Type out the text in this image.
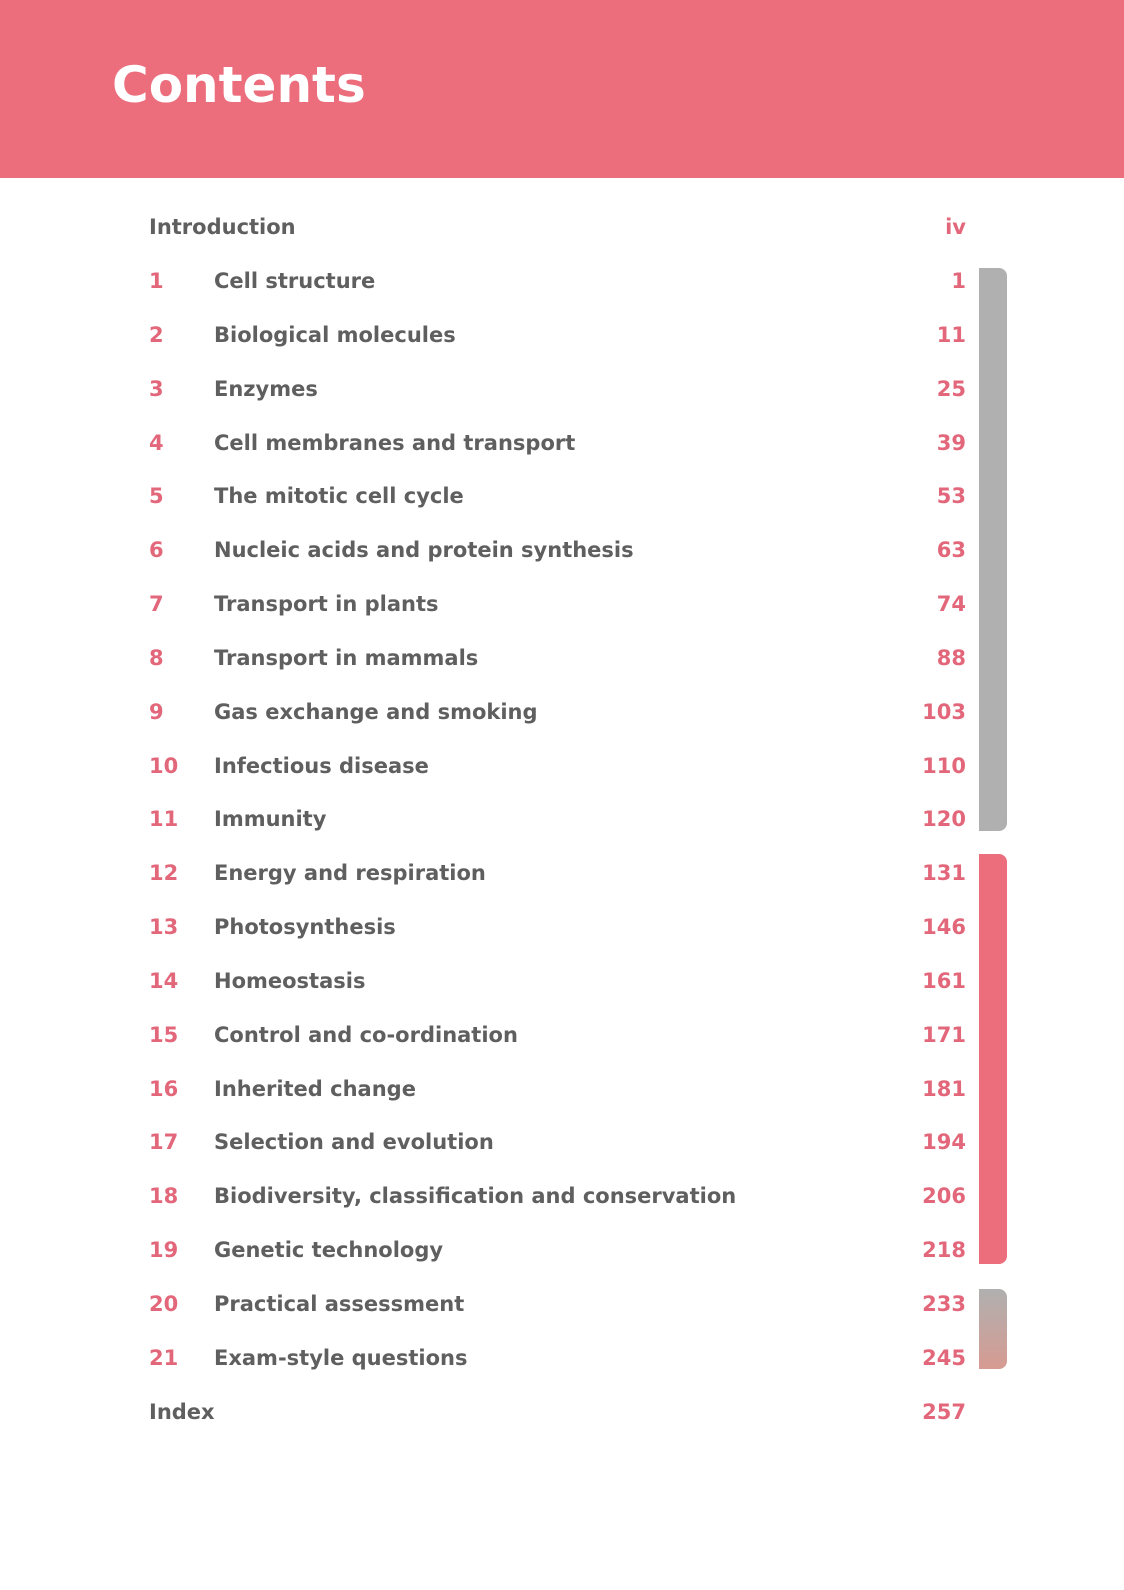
Contents
Introduction	iv
1 Cell structure	1
2 Biological molecules	11
3 Enzymes	25
4 Cell membranes and transport	39
5 The mitotic cell cycle	53
6 Nucleic acids and protein synthesis	63
7 Transport in plants	74
8 Transport in mammals	88
9 Gas exchange and smoking	103
10 Infectious disease	110
11 Immunity	120
12 Energy and respiration	131
13 Photosynthesis	146
14 Homeostasis	161
15 Control and co-ordination	171
16 Inherited change	181
17 Selection and evolution	194
18 Biodiversity, classification and conservation	206
19 Genetic technology	218
20 Practical assessment	233
21 Exam-style questions	245
Index	257
